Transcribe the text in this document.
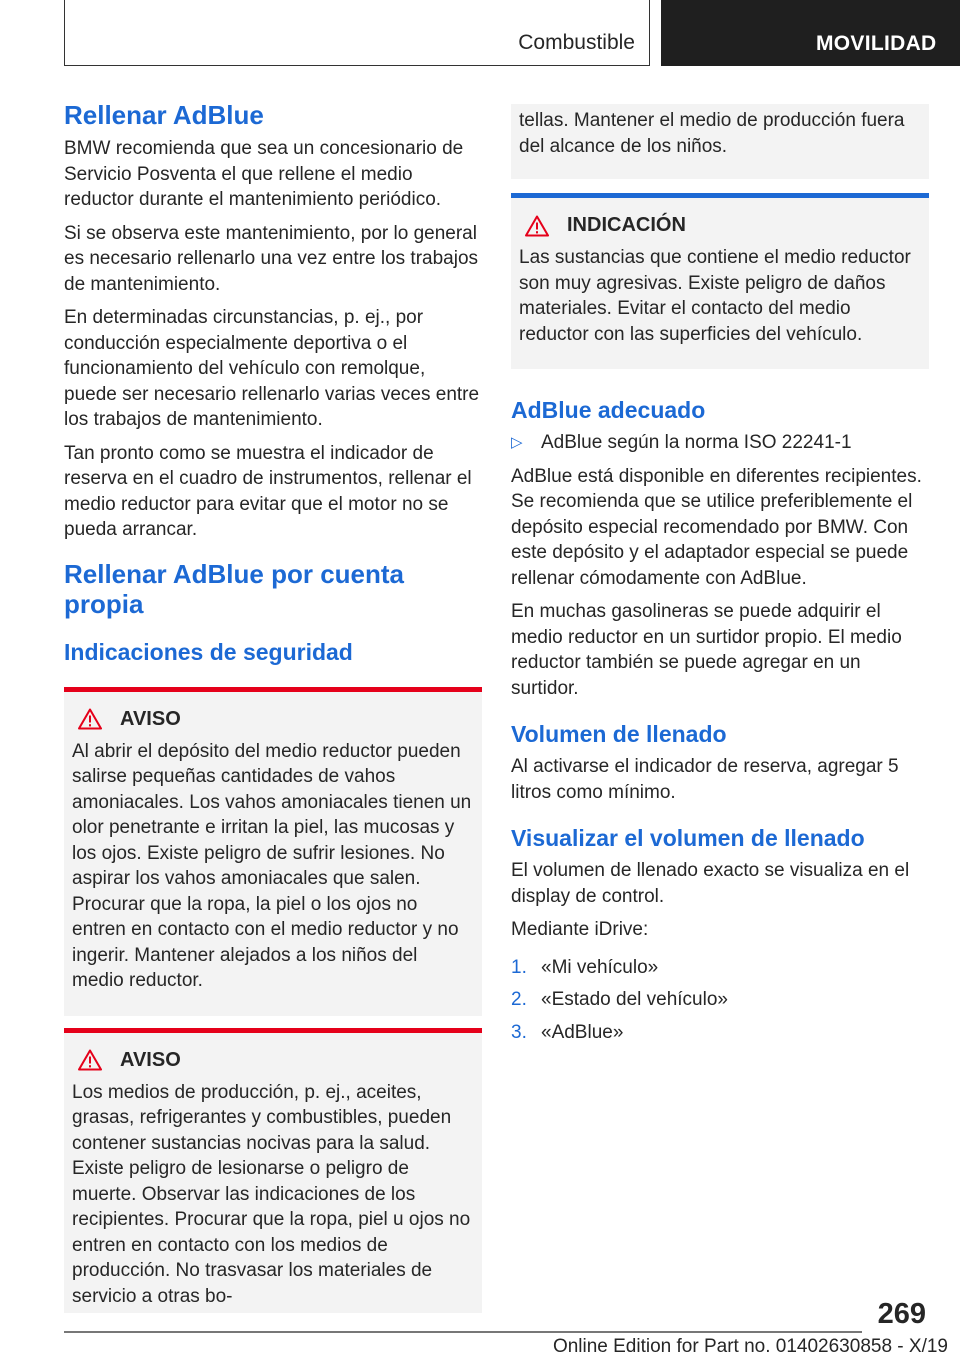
Combustible	MOVILIDAD
Rellenar AdBlue

BMW recomienda que sea un concesionario de Servicio Posventa el que rellene el medio reductor durante el mantenimiento periódico.

Si se observa este mantenimiento, por lo general es necesario rellenarlo una vez entre los trabajos de mantenimiento.

En determinadas circunstancias, p. ej., por conducción especialmente deportiva o el funcionamiento del vehículo con remolque, puede ser necesario rellenarlo varias veces entre los trabajos de mantenimiento.

Tan pronto como se muestra el indicador de reserva en el cuadro de instrumentos, rellenar el medio reductor para evitar que el motor no se pueda arrancar.

Rellenar AdBlue por cuenta propia
Indicaciones de seguridad
AVISO

Al abrir el depósito del medio reductor pueden salirse pequeñas cantidades de vahos amoniacales. Los vahos amoniacales tienen un olor penetrante e irritan la piel, las mucosas y los ojos. Existe peligro de sufrir lesiones. No aspirar los vahos amoniacales que salen. Procurar que la ropa, la piel o los ojos no entren en contacto con el medio reductor y no ingerir. Mantener alejados a los niños del medio reductor.

AVISO

Los medios de producción, p. ej., aceites, grasas, refrigerantes y combustibles, pueden contener sustancias nocivas para la salud. Existe peligro de lesionarse o peligro de muerte. Observar las indicaciones de los recipientes. Procurar que la ropa, piel u ojos no entren en contacto con los medios de producción. No trasvasar los materiales de servicio a otras bo-

tellas. Mantener el medio de producción fuera del alcance de los niños.

INDICACIÓN

Las sustancias que contiene el medio reductor son muy agresivas. Existe peligro de daños materiales. Evitar el contacto del medio reductor con las superficies del vehículo.

AdBlue adecuado
▷ AdBlue según la norma ISO 22241-1

AdBlue está disponible en diferentes recipientes. Se recomienda que se utilice preferiblemente el depósito especial recomendado por BMW. Con este depósito y el adaptador especial se puede rellenar cómodamente con AdBlue.

En muchas gasolineras se puede adquirir el medio reductor en un surtidor propio. El medio reductor también se puede agregar en un surtidor.

Volumen de llenado

Al activarse el indicador de reserva, agregar 5 litros como mínimo.

Visualizar el volumen de llenado

El volumen de llenado exacto se visualiza en el display de control.

Mediante iDrive:

1. «Mi vehículo»
2. «Estado del vehículo»
3. «AdBlue»
269
Online Edition for Part no. 01402630858 - X/19
